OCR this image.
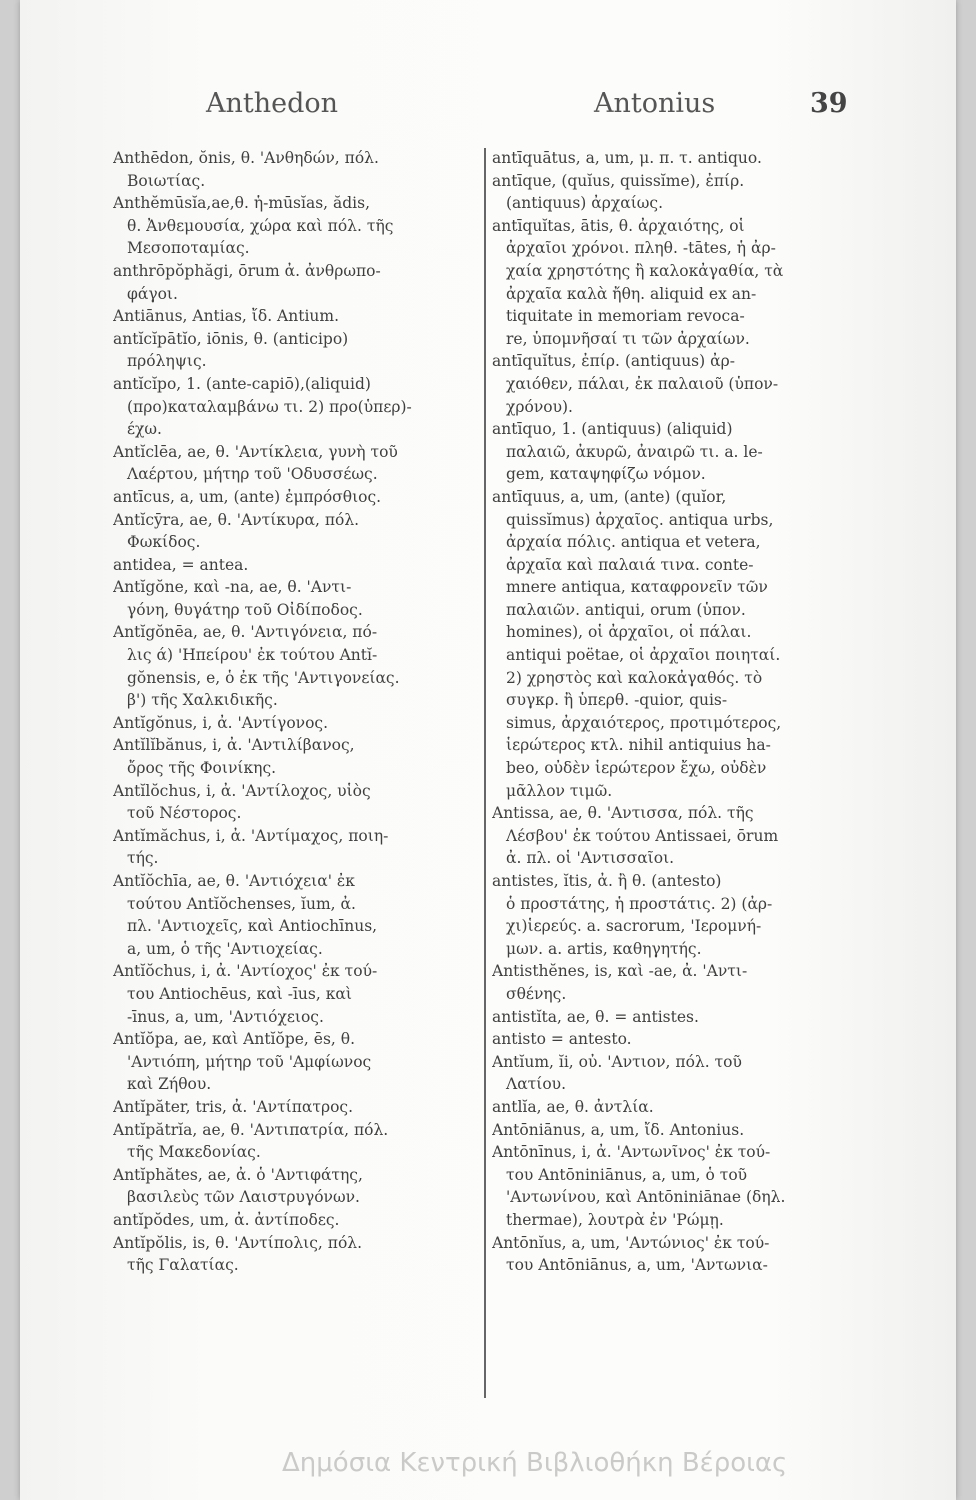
Anthedon	Antonius	39
Anthēdon, ŏnis, θ. 'Ανθηδών, πόλ.
Βοιωτίας.
Anthĕmūsĭa,ae,θ. ἡ-mūsĭas, ădis,
θ. Ἀνθεμουσία, χώρα καὶ πόλ. τῆς
Μεσοποταμίας.
anthrōpŏphăgi, ōrum ἀ. ἀνθρωπο-
φάγοι.
Antiānus, Antias, ἴδ. Antium.
antĭcĭpātĭo, iōnis, θ. (anticipo)
πρόληψις.
antĭcĭpo, 1. (ante-capiō),(aliquid)
(προ)καταλαμβάνω τι. 2) προ(ὑπερ)-
έχω.
Antĭclēa, ae, θ. 'Αντίκλεια, γυνὴ τοῦ
Λαέρτου, μήτηρ τοῦ 'Οδυσσέως.
antīcus, a, um, (ante) ἐμπρόσθιος.
Antĭcȳra, ae, θ. 'Αντίκυρα, πόλ.
Φωκίδος.
antidea, = antea.
Antĭgŏne, καὶ -na, ae, θ. 'Αντι-
γόνη, θυγάτηρ τοῦ Οἰδίποδος.
Antĭgŏnēa, ae, θ. 'Αντιγόνεια, πό-
λις ά) 'Ηπείρου' ἐκ τούτου Antĭ-
gŏnensis, e, ὁ ἐκ τῆς 'Αντιγονείας.
β') τῆς Χαλκιδικῆς.
Antĭgŏnus, i, ἀ. 'Αντίγονος.
Antĭlĭbănus, i, ἀ. 'Αντιλίβανος,
ὄρος τῆς Φοινίκης.
Antĭlŏchus, i, ἀ. 'Αντίλοχος, υἱὸς
τοῦ Νέστορος.
Antĭmăchus, i, ἀ. 'Αντίμαχος, ποιη-
τής.
Antĭŏchīa, ae, θ. 'Αντιόχεια' ἐκ
τούτου Antĭŏchenses, ĭum, ἀ.
πλ. 'Αντιοχεῖς, καὶ Antiochīnus,
a, um, ὁ τῆς 'Αντιοχείας.
Antĭŏchus, i, ἀ. 'Αντίοχος' ἐκ τού-
του Antiochēus, καὶ -īus, καὶ
-īnus, a, um, 'Αντιόχειος.
Antĭŏpa, ae, καὶ Antĭŏpe, ēs, θ.
'Αντιόπη, μήτηρ τοῦ 'Αμφίωνος
καὶ Ζήθου.
Antĭpăter, tris, ἀ. 'Αντίπατρος.
Antĭpătrĭa, ae, θ. 'Αντιπατρία, πόλ.
τῆς Μακεδονίας.
Antĭphătes, ae, ἀ. ὁ 'Αντιφάτης,
βασιλεὺς τῶν Λαιστρυγόνων.
antĭpŏdes, um, ἀ. ἀντίποδες.
Antĭpŏlis, is, θ. 'Αντίπολις, πόλ.
τῆς Γαλατίας.
antīquātus, a, um, μ. π. τ. antiquo.
antīque, (quĭus, quissĭme), ἐπίρ.
(antiquus) ἀρχαίως.
antīquĭtas, ātis, θ. ἀρχαιότης, οἱ
ἀρχαῖοι χρόνοι. πληθ. -tātes, ἡ ἀρ-
χαία χρηστότης ἢ καλοκἀγαθία, τὰ
ἀρχαῖα καλὰ ἤθη. aliquid ex an-
tiquitate in memoriam revoca-
re, ὑπομνῆσαί τι τῶν ἀρχαίων.
antīquĭtus, ἐπίρ. (antiquus) ἀρ-
χαιόθεν, πάλαι, ἐκ παλαιοῦ (ὑπον-
χρόνου).
antīquo, 1. (antiquus) (aliquid)
παλαιῶ, ἀκυρῶ, ἀναιρῶ τι. a. le-
gem, καταψηφίζω νόμον.
antīquus, a, um, (ante) (quĭor,
quissĭmus) ἀρχαῖος. antiqua urbs,
ἀρχαία πόλις. antiqua et vetera,
ἀρχαῖα καὶ παλαιά τινα. conte-
mnere antiqua, καταφρονεῖν τῶν
παλαιῶν. antiqui, orum (ὑπον.
homines), οἱ ἀρχαῖοι, οἱ πάλαι.
antiqui poëtae, οἱ ἀρχαῖοι ποιηταί.
2) χρηστὸς καὶ καλοκἀγαθός. τὸ
συγκρ. ἢ ὑπερθ. -quior, quis-
simus, ἀρχαιότερος, προτιμότερος,
ἱερώτερος κτλ. nihil antiquius ha-
beo, οὐδὲν ἱερώτερον ἔχω, οὐδὲν
μᾶλλον τιμῶ.
Antissa, ae, θ. 'Αντισσα, πόλ. τῆς
Λέσβου' ἐκ τούτου Antissaei, ōrum
ἀ. πλ. οἱ 'Αντισσαῖοι.
antistes, ĭtis, ἀ. ἢ θ. (antesto)
ὁ προστάτης, ἡ προστάτις. 2) (ἀρ-
χι)ἱερεύς. a. sacrorum, 'Ιερομνή-
μων. a. artis, καθηγητής.
Antisthĕnes, is, καὶ -ae, ἀ. 'Αντι-
σθένης.
antistĭta, ae, θ. = antistes.
antisto = antesto.
Antĭum, ĭi, οὐ. 'Αντιον, πόλ. τοῦ
Λατίου.
antlĭa, ae, θ. ἀντλία.
Antōniānus, a, um, ἴδ. Antonius.
Antōnīnus, i, ἀ. 'Αντωνῖνος' ἐκ τού-
του Antōniniānus, a, um, ὁ τοῦ
'Αντωνίνου, καὶ Antōniniānae (δηλ.
thermae), λουτρὰ ἐν 'Ρώμῃ.
Antōnĭus, a, um, 'Αντώνιος' ἐκ τού-
του Antōniānus, a, um, 'Αντωνια-
Δημόσια Κεντρική Βιβλιοθήκη Βέροιας
